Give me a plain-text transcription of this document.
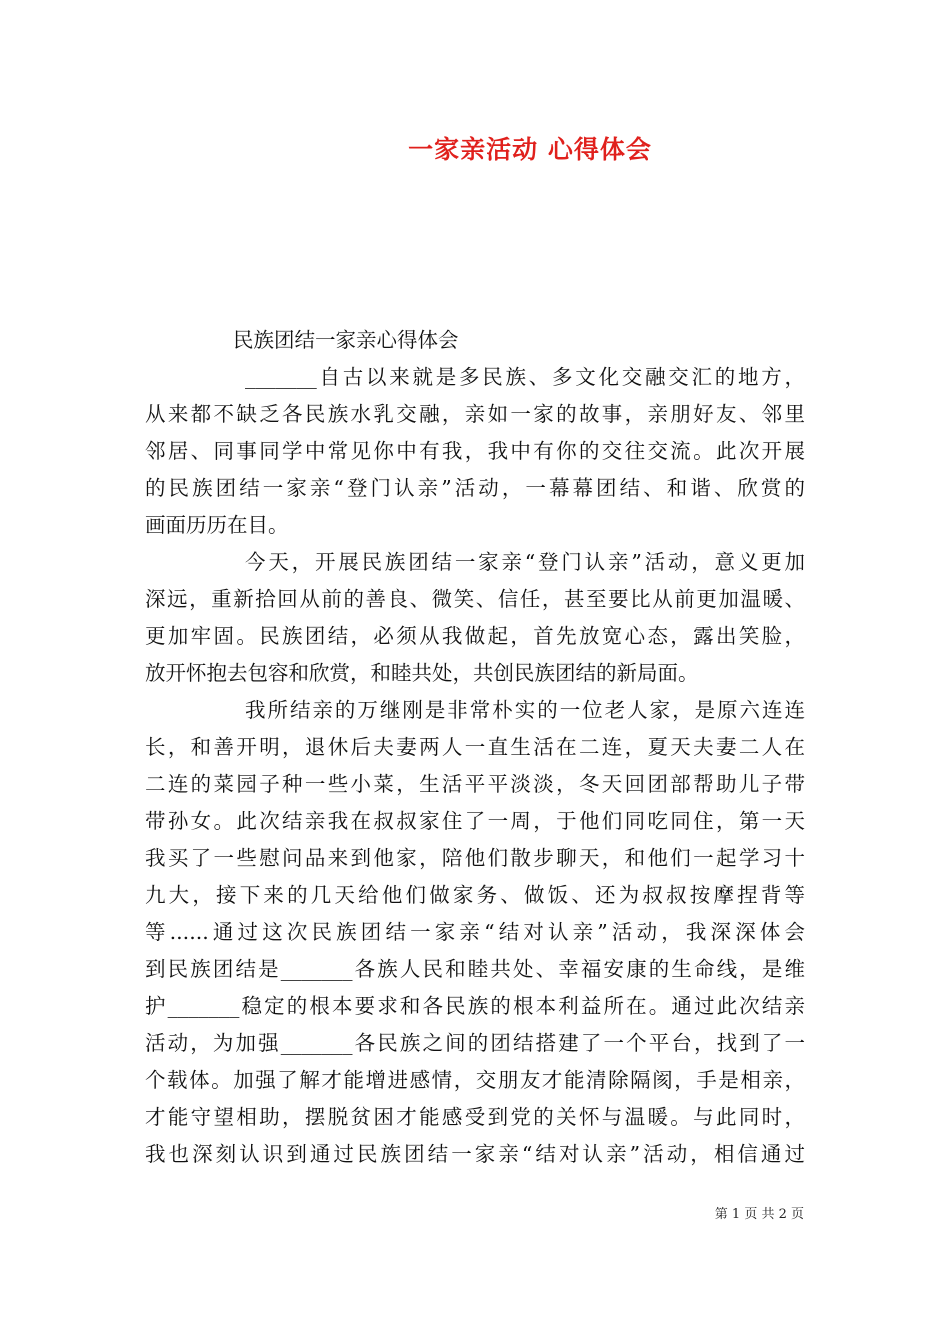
一家亲活动 心得体会
民族团结一家亲心得体会
_______自古以来就是多民族、多文化交融交汇的地方，
从来都不缺乏各民族水乳交融，亲如一家的故事，亲朋好友、邻里
邻居、同事同学中常见你中有我，我中有你的交往交流。此次开展
的民族团结一家亲“登门认亲”活动，一幕幕团结、和谐、欣赏的
画面历历在目。
今天，开展民族团结一家亲“登门认亲”活动，意义更加
深远，重新拾回从前的善良、微笑、信任，甚至要比从前更加温暖、
更加牢固。民族团结，必须从我做起，首先放宽心态，露出笑脸，
放开怀抱去包容和欣赏，和睦共处，共创民族团结的新局面。
我所结亲的万继刚是非常朴实的一位老人家，是原六连连
长，和善开明，退休后夫妻两人一直生活在二连，夏天夫妻二人在
二连的菜园子种一些小菜，生活平平淡淡，冬天回团部帮助儿子带
带孙女。此次结亲我在叔叔家住了一周，于他们同吃同住，第一天
我买了一些慰问品来到他家，陪他们散步聊天，和他们一起学习十
九大，接下来的几天给他们做家务、做饭、还为叔叔按摩捏背等
等......通过这次民族团结一家亲“结对认亲”活动，我深深体会
到民族团结是_______各族人民和睦共处、幸福安康的生命线，是维
护_______稳定的根本要求和各民族的根本利益所在。通过此次结亲
活动，为加强_______各民族之间的团结搭建了一个平台，找到了一
个载体。加强了解才能增进感情，交朋友才能清除隔阂，手是相亲，
才能守望相助，摆脱贫困才能感受到党的关怀与温暖。与此同时，
我也深刻认识到通过民族团结一家亲“结对认亲”活动，相信通过
第 1 页 共 2 页
